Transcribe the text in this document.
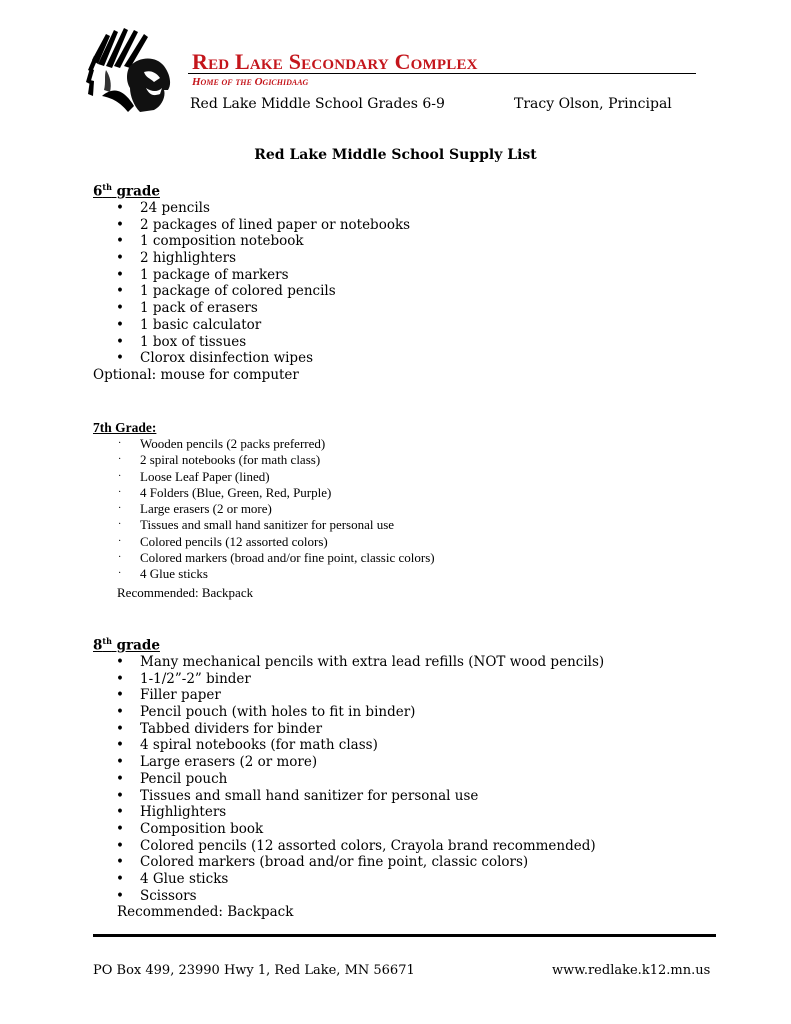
Red Lake Secondary Complex
Home of the Ogichidaag
Red Lake Middle School Grades 6-9	Tracy Olson, Principal
Red Lake Middle School Supply List
6th grade
• 24 pencils
• 2 packages of lined paper or notebooks
• 1 composition notebook
• 2 highlighters
• 1 package of markers
• 1 package of colored pencils
• 1 pack of erasers
• 1 basic calculator
• 1 box of tissues
• Clorox disinfection wipes
Optional: mouse for computer
7th Grade:
· Wooden pencils (2 packs preferred)
· 2 spiral notebooks (for math class)
· Loose Leaf Paper (lined)
· 4 Folders (Blue, Green, Red, Purple)
· Large erasers (2 or more)
· Tissues and small hand sanitizer for personal use
· Colored pencils (12 assorted colors)
· Colored markers (broad and/or fine point, classic colors)
· 4 Glue sticks
Recommended: Backpack
8th grade
• Many mechanical pencils with extra lead refills (NOT wood pencils)
• 1-1/2”-2” binder
• Filler paper
• Pencil pouch (with holes to fit in binder)
• Tabbed dividers for binder
• 4 spiral notebooks (for math class)
• Large erasers (2 or more)
• Pencil pouch
• Tissues and small hand sanitizer for personal use
• Highlighters
• Composition book
• Colored pencils (12 assorted colors, Crayola brand recommended)
• Colored markers (broad and/or fine point, classic colors)
• 4 Glue sticks
• Scissors
Recommended: Backpack
PO Box 499, 23990 Hwy 1, Red Lake, MN 56671	www.redlake.k12.mn.us
